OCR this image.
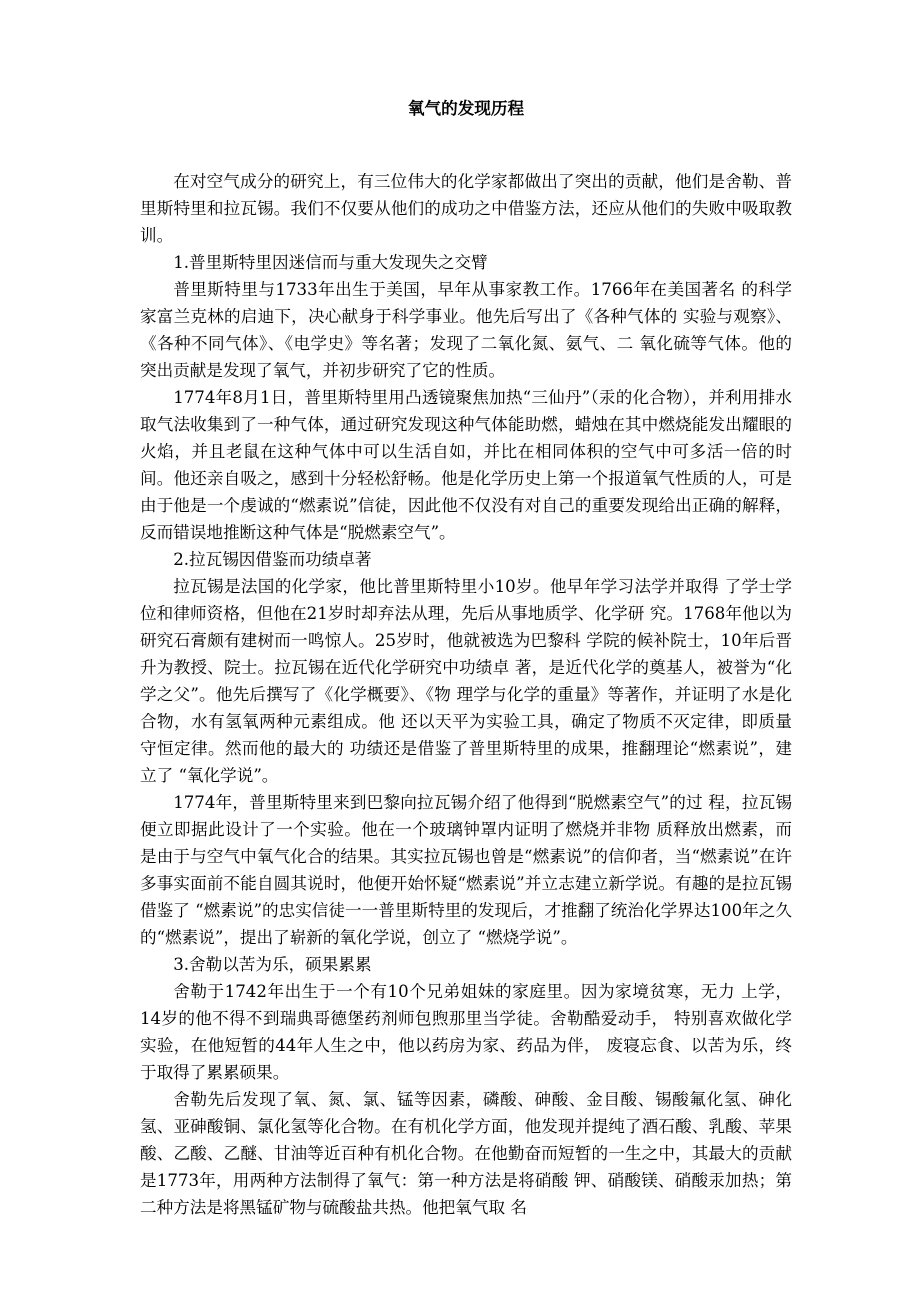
氧气的发现历程

在对空气成分的研究上，有三位伟大的化学家都做出了突出的贡献，他们是舍勒、普里斯特里和拉瓦锡。我们不仅要从他们的成功之中借鉴方法，还应从他们的失败中吸取教训。

1.普里斯特里因迷信而与重大发现失之交臂

普里斯特里与1733年出生于美国，早年从事家教工作。1766年在美国著名 的科学家富兰克林的启迪下，决心献身于科学事业。他先后写出了《各种气体的 实验与观察》、《各种不同气体》、《电学史》等名著；发现了二氧化氮、氨气、二 氧化硫等气体。他的突出贡献是发现了氧气，并初步研究了它的性质。

1774年8月1日，普里斯特里用凸透镜聚焦加热“三仙丹”（汞的化合物），并利用排水取气法收集到了一种气体，通过研究发现这种气体能助燃，蜡烛在其中燃烧能发出耀眼的火焰，并且老鼠在这种气体中可以生活自如，并比在相同体积的空气中可多活一倍的时间。他还亲自吸之，感到十分轻松舒畅。他是化学历史上第一个报道氧气性质的人，可是由于他是一个虔诚的“燃素说”信徒，因此他不仅没有对自己的重要发现给出正确的解释，反而错误地推断这种气体是“脱燃素空气”。

2.拉瓦锡因借鉴而功绩卓著

拉瓦锡是法国的化学家，他比普里斯特里小10岁。他早年学习法学并取得 了学士学位和律师资格，但他在21岁时却弃法从理，先后从事地质学、化学研 究。1768年他以为研究石膏颇有建树而一鸣惊人。25岁时，他就被选为巴黎科 学院的候补院士，10年后晋升为教授、院士。拉瓦锡在近代化学研究中功绩卓 著，是近代化学的奠基人，被誉为“化学之父”。他先后撰写了《化学概要》、《物 理学与化学的重量》等著作，并证明了水是化合物，水有氢氧两种元素组成。他 还以天平为实验工具，确定了物质不灭定律，即质量守恒定律。然而他的最大的 功绩还是借鉴了普里斯特里的成果，推翻理论“燃素说”，建立了 “氧化学说”。

1774年，普里斯特里来到巴黎向拉瓦锡介绍了他得到“脱燃素空气”的过 程，拉瓦锡便立即据此设计了一个实验。他在一个玻璃钟罩内证明了燃烧并非物 质释放出燃素，而是由于与空气中氧气化合的结果。其实拉瓦锡也曾是“燃素说”的信仰者，当“燃素说”在许多事实面前不能自圆其说时，他便开始怀疑“燃素说”并立志建立新学说。有趣的是拉瓦锡借鉴了 “燃素说”的忠实信徒一一普里斯特里的发现后，才推翻了统治化学界达100年之久的“燃素说”，提出了崭新的氧化学说，创立了 “燃烧学说”。

3.舍勒以苦为乐，硕果累累

舍勒于1742年出生于一个有10个兄弟姐妹的家庭里。因为家境贫寒，无力 上学，14岁的他不得不到瑞典哥德堡药剂师包煦那里当学徒。舍勒酷爱动手， 特别喜欢做化学实验，在他短暂的44年人生之中，他以药房为家、药品为伴， 废寝忘食、以苦为乐，终于取得了累累硕果。

舍勒先后发现了氧、氮、氯、锰等因素，磷酸、砷酸、金目酸、锡酸氟化氢、砷化氢、亚砷酸铜、氯化氢等化合物。在有机化学方面，他发现并提纯了酒石酸、乳酸、苹果酸、乙酸、乙醚、甘油等近百种有机化合物。在他勤奋而短暂的一生之中，其最大的贡献是1773年，用两种方法制得了氧气：第一种方法是将硝酸 钾、硝酸镁、硝酸汞加热；第二种方法是将黑锰矿物与硫酸盐共热。他把氧气取 名
